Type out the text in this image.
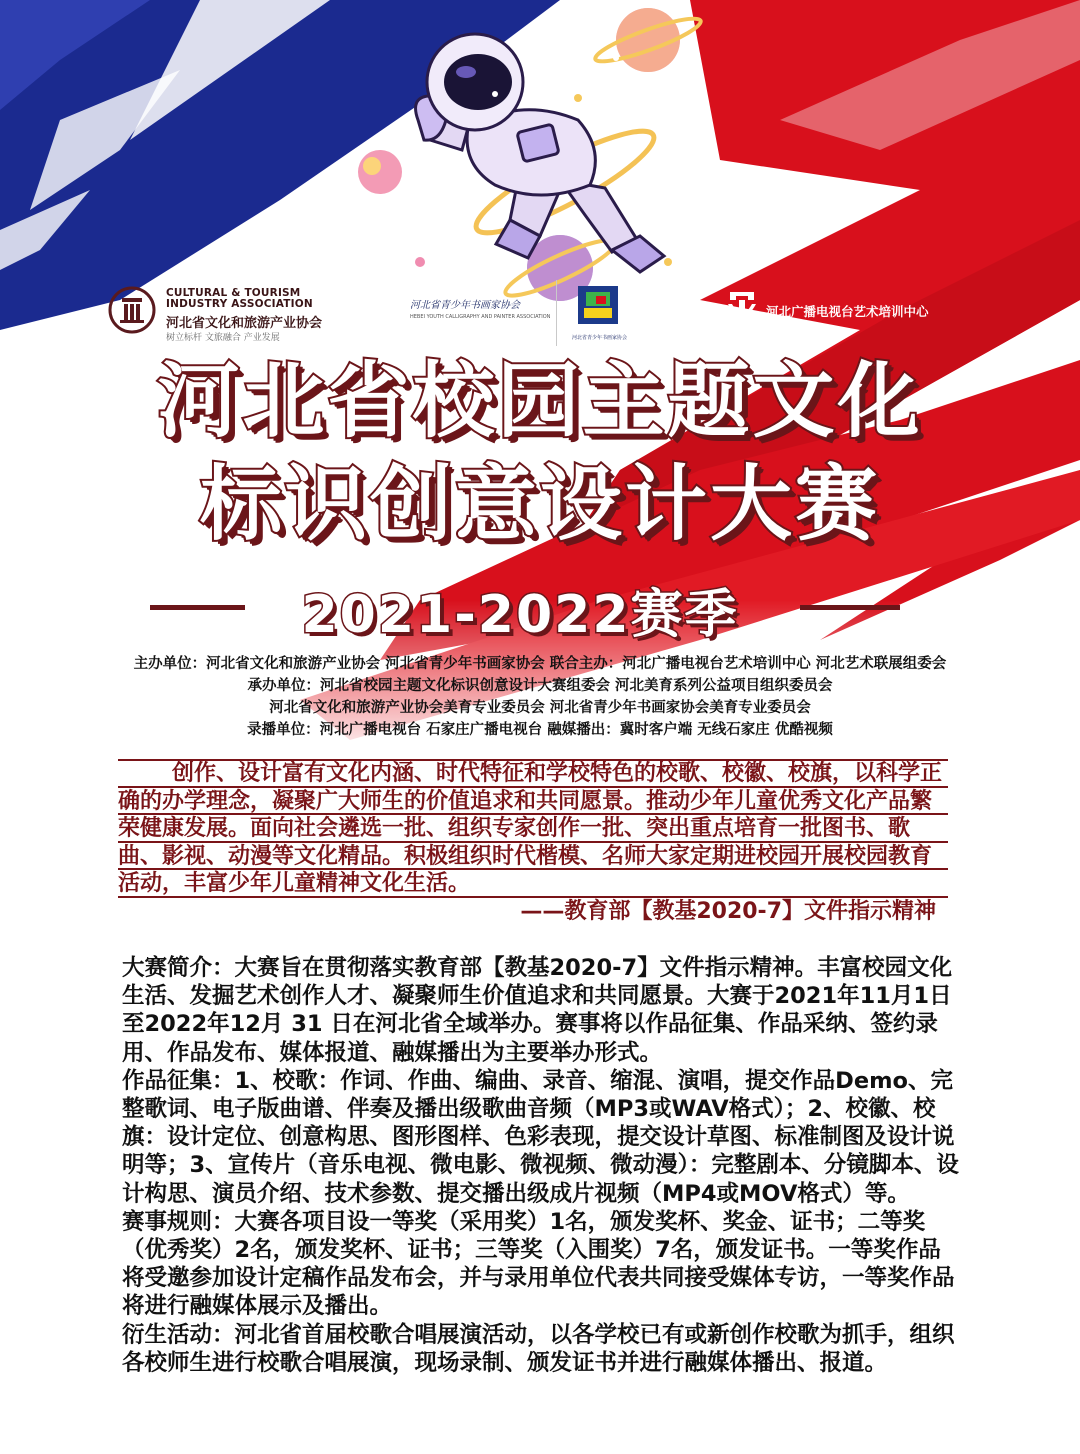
CULTURAL & TOURISM
INDUSTRY ASSOCIATION
河北省文化和旅游产业协会
树立标杆 文旅融合 产业发展
河北省青少年书画家协会
HEBEI YOUTH CALLIGRAPHY AND PAINTER ASSOCIATION
河北省青少年书画家协会
河北广播电视台艺术培训中心
河北省校园主题文化
标识创意设计大赛
2021-2022赛季
主办单位：河北省文化和旅游产业协会 河北省青少年书画家协会 联合主办：河北广播电视台艺术培训中心 河北艺术联展组委会
承办单位：河北省校园主题文化标识创意设计大赛组委会 河北美育系列公益项目组织委员会
河北省文化和旅游产业协会美育专业委员会 河北省青少年书画家协会美育专业委员会
录播单位：河北广播电视台 石家庄广播电视台 融媒播出：冀时客户端 无线石家庄 优酷视频

创作、设计富有文化内涵、时代特征和学校特色的校歌、校徽、校旗，以科学正确的办学理念，凝聚广大师生的价值追求和共同愿景。推动少年儿童优秀文化产品繁荣健康发展。面向社会遴选一批、组织专家创作一批、突出重点培育一批图书、歌曲、影视、动漫等文化精品。积极组织时代楷模、名师大家定期进校园开展校园教育活动，丰富少年儿童精神文化生活。

——教育部【教基2020-7】文件指示精神

大赛简介：大赛旨在贯彻落实教育部【教基2020-7】文件指示精神。丰富校园文化生活、发掘艺术创作人才、凝聚师生价值追求和共同愿景。大赛于2021年11月1日至2022年12月 31 日在河北省全域举办。赛事将以作品征集、作品采纳、签约录用、作品发布、媒体报道、融媒播出为主要举办形式。

作品征集：1、校歌：作词、作曲、编曲、录音、缩混、演唱，提交作品Demo、完整歌词、电子版曲谱、伴奏及播出级歌曲音频（MP3或WAV格式）；2、校徽、校旗：设计定位、创意构思、图形图样、色彩表现，提交设计草图、标准制图及设计说明等；3、宣传片（音乐电视、微电影、微视频、微动漫）：完整剧本、分镜脚本、设计构思、演员介绍、技术参数、提交播出级成片视频（MP4或MOV格式）等。

赛事规则：大赛各项目设一等奖（采用奖）1名，颁发奖杯、奖金、证书；二等奖（优秀奖）2名，颁发奖杯、证书；三等奖（入围奖）7名，颁发证书。一等奖作品将受邀参加设计定稿作品发布会，并与录用单位代表共同接受媒体专访，一等奖作品将进行融媒体展示及播出。

衍生活动：河北省首届校歌合唱展演活动，以各学校已有或新创作校歌为抓手，组织各校师生进行校歌合唱展演，现场录制、颁发证书并进行融媒体播出、报道。
